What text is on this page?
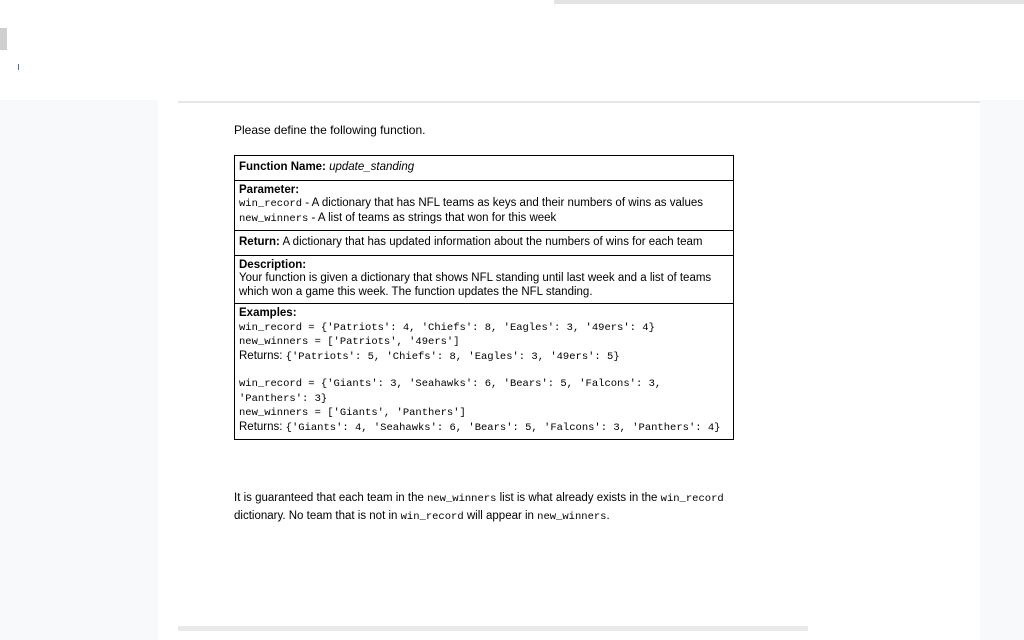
Please define the following function.
Function Name: update_standing
Parameter:
win_record - A dictionary that has NFL teams as keys and their numbers of wins as values
new_winners - A list of teams as strings that won for this week
Return: A dictionary that has updated information about the numbers of wins for each team
Description:
Your function is given a dictionary that shows NFL standing until last week and a list of teams which won a game this week. The function updates the NFL standing.
Examples:
win_record = {'Patriots': 4, 'Chiefs': 8, 'Eagles': 3, '49ers': 4}
new_winners = ['Patriots', '49ers']
Returns: {'Patriots': 5, 'Chiefs': 8, 'Eagles': 3, '49ers': 5}
win_record = {'Giants': 3, 'Seahawks': 6, 'Bears': 5, 'Falcons': 3, 'Panthers': 3}
new_winners = ['Giants', 'Panthers']
Returns: {'Giants': 4, 'Seahawks': 6, 'Bears': 5, 'Falcons': 3, 'Panthers': 4}
It is guaranteed that each team in the new_winners list is what already exists in the win_record dictionary. No team that is not in win_record will appear in new_winners.
